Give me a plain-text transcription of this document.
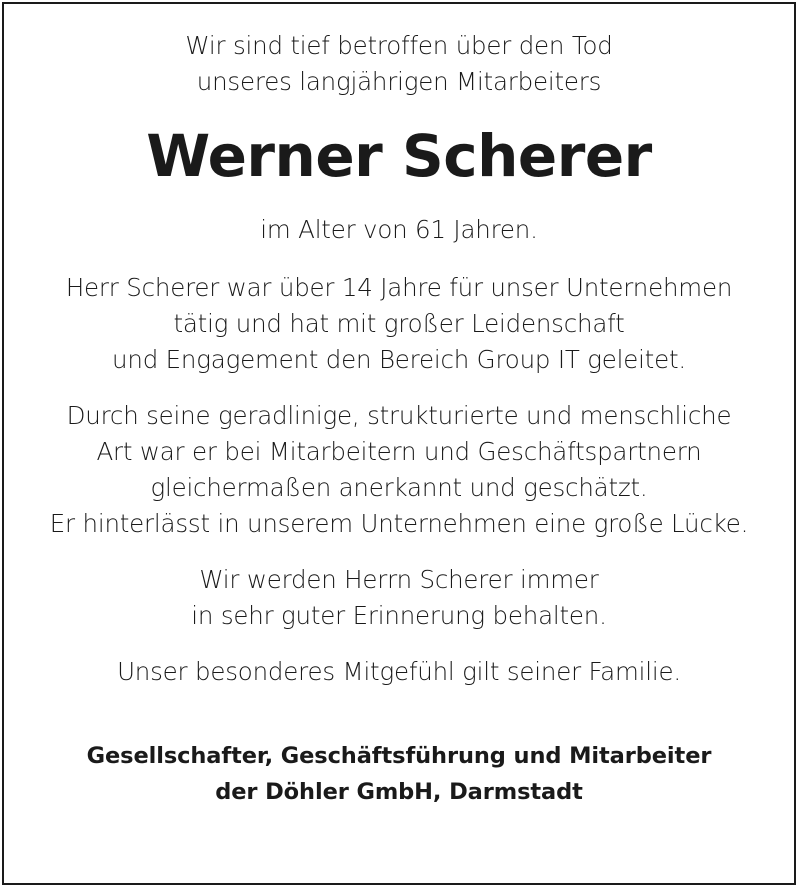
Wir sind tief betroffen über den Tod
unseres langjährigen Mitarbeiters
Werner Scherer
im Alter von 61 Jahren.
Herr Scherer war über 14 Jahre für unser Unternehmen
tätig und hat mit großer Leidenschaft
und Engagement den Bereich Group IT geleitet.
Durch seine geradlinige, strukturierte und menschliche
Art war er bei Mitarbeitern und Geschäftspartnern
gleichermaßen anerkannt und geschätzt.
Er hinterlässt in unserem Unternehmen eine große Lücke.
Wir werden Herrn Scherer immer
in sehr guter Erinnerung behalten.
Unser besonderes Mitgefühl gilt seiner Familie.
Gesellschafter, Geschäftsführung und Mitarbeiter
der Döhler GmbH, Darmstadt
